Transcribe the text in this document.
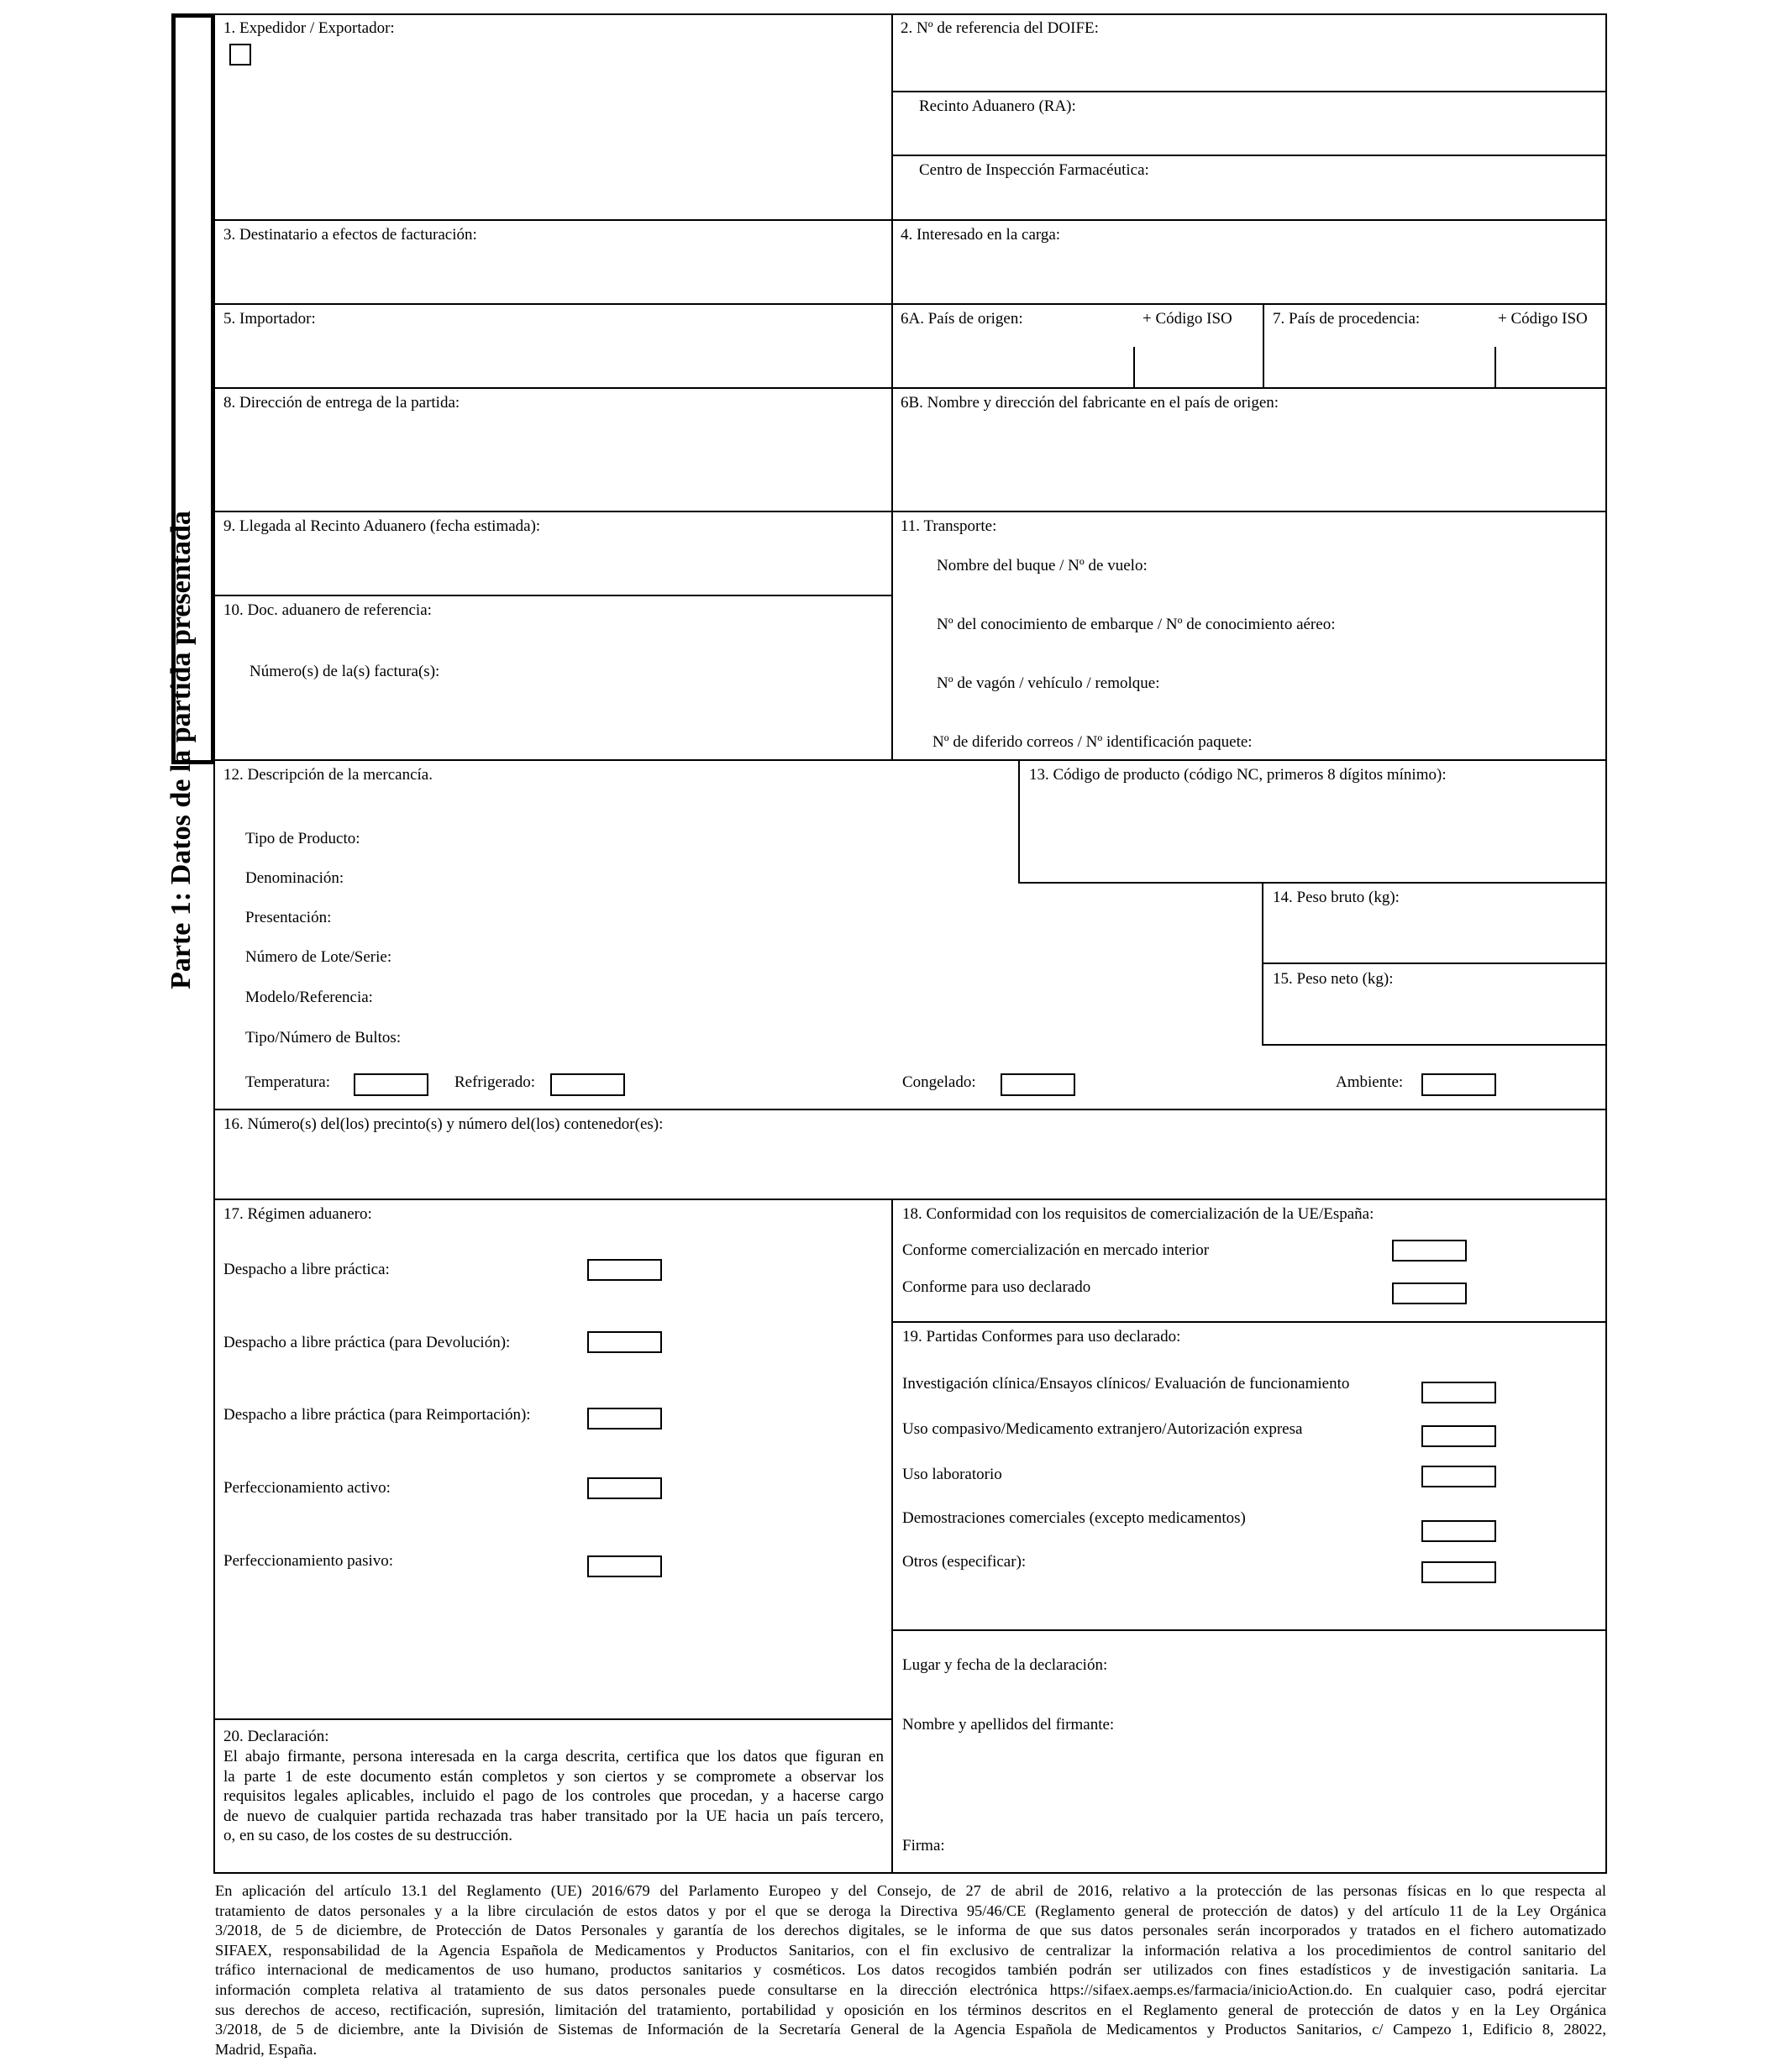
Parte 1: Datos de la partida presentada
1. Expedidor / Exportador:	2. Nº de referencia del DOIFE:
Recinto Aduanero (RA):
Centro de Inspección Farmacéutica:
3. Destinatario a efectos de facturación:	4. Interesado en la carga:
5. Importador:	6A. País de origen:	+ Código ISO	7. País de procedencia:	+ Código ISO
8. Dirección de entrega de la partida:	6B. Nombre y dirección del fabricante en el país de origen:
9. Llegada al Recinto Aduanero (fecha estimada):	11. Transporte:
Nombre del buque / Nº de vuelo:
Nº del conocimiento de embarque / Nº de conocimiento aéreo:
Nº de vagón / vehículo / remolque:
Nº de diferido correos / Nº identificación paquete:
10. Doc. aduanero de referencia:
Número(s) de la(s) factura(s):
12. Descripción de la mercancía.
Tipo de Producto:
Denominación:
Presentación:
Número de Lote/Serie:
Modelo/Referencia:
Tipo/Número de Bultos:
13. Código de producto (código NC, primeros 8 dígitos mínimo):
14. Peso bruto (kg):
15. Peso neto (kg):
Temperatura:	Refrigerado:	Congelado:	Ambiente:
16. Número(s) del(los) precinto(s) y número del(los) contenedor(es):
17. Régimen aduanero:
Despacho a libre práctica:
Despacho a libre práctica (para Devolución):
Despacho a libre práctica (para Reimportación):
Perfeccionamiento activo:
Perfeccionamiento pasivo:
18. Conformidad con los requisitos de comercialización de la UE/España:
Conforme comercialización en mercado interior
Conforme para uso declarado
19. Partidas Conformes para uso declarado:
Investigación clínica/Ensayos clínicos/ Evaluación de funcionamiento
Uso compasivo/Medicamento extranjero/Autorización expresa
Uso laboratorio
Demostraciones comerciales (excepto medicamentos)
Otros (especificar):
Lugar y fecha de la declaración:
Nombre y apellidos del firmante:
Firma:
20. Declaración:
El abajo firmante, persona interesada en la carga descrita, certifica que los datos que figuran en
la parte 1 de este documento están completos y son ciertos y se compromete a observar los
requisitos legales aplicables, incluido el pago de los controles que procedan, y a hacerse cargo
de nuevo de cualquier partida rechazada tras haber transitado por la UE hacia un país tercero,
o, en su caso, de los costes de su destrucción.
En aplicación del artículo 13.1 del Reglamento (UE) 2016/679 del Parlamento Europeo y del Consejo, de 27 de abril de 2016, relativo a la protección de las personas físicas en lo que respecta al
tratamiento de datos personales y a la libre circulación de estos datos y por el que se deroga la Directiva 95/46/CE (Reglamento general de protección de datos) y del artículo 11 de la Ley Orgánica
3/2018, de 5 de diciembre, de Protección de Datos Personales y garantía de los derechos digitales, se le informa de que sus datos personales serán incorporados y tratados en el fichero automatizado
SIFAEX, responsabilidad de la Agencia Española de Medicamentos y Productos Sanitarios, con el fin exclusivo de centralizar la información relativa a los procedimientos de control sanitario del
tráfico internacional de medicamentos de uso humano, productos sanitarios y cosméticos. Los datos recogidos también podrán ser utilizados con fines estadísticos y de investigación sanitaria. La
información completa relativa al tratamiento de sus datos personales puede consultarse en la dirección electrónica https://sifaex.aemps.es/farmacia/inicioAction.do. En cualquier caso, podrá ejercitar
sus derechos de acceso, rectificación, supresión, limitación del tratamiento, portabilidad y oposición en los términos descritos en el Reglamento general de protección de datos y en la Ley Orgánica
3/2018, de 5 de diciembre, ante la División de Sistemas de Información de la Secretaría General de la Agencia Española de Medicamentos y Productos Sanitarios, c/ Campezo 1, Edificio 8, 28022,
Madrid, España.
